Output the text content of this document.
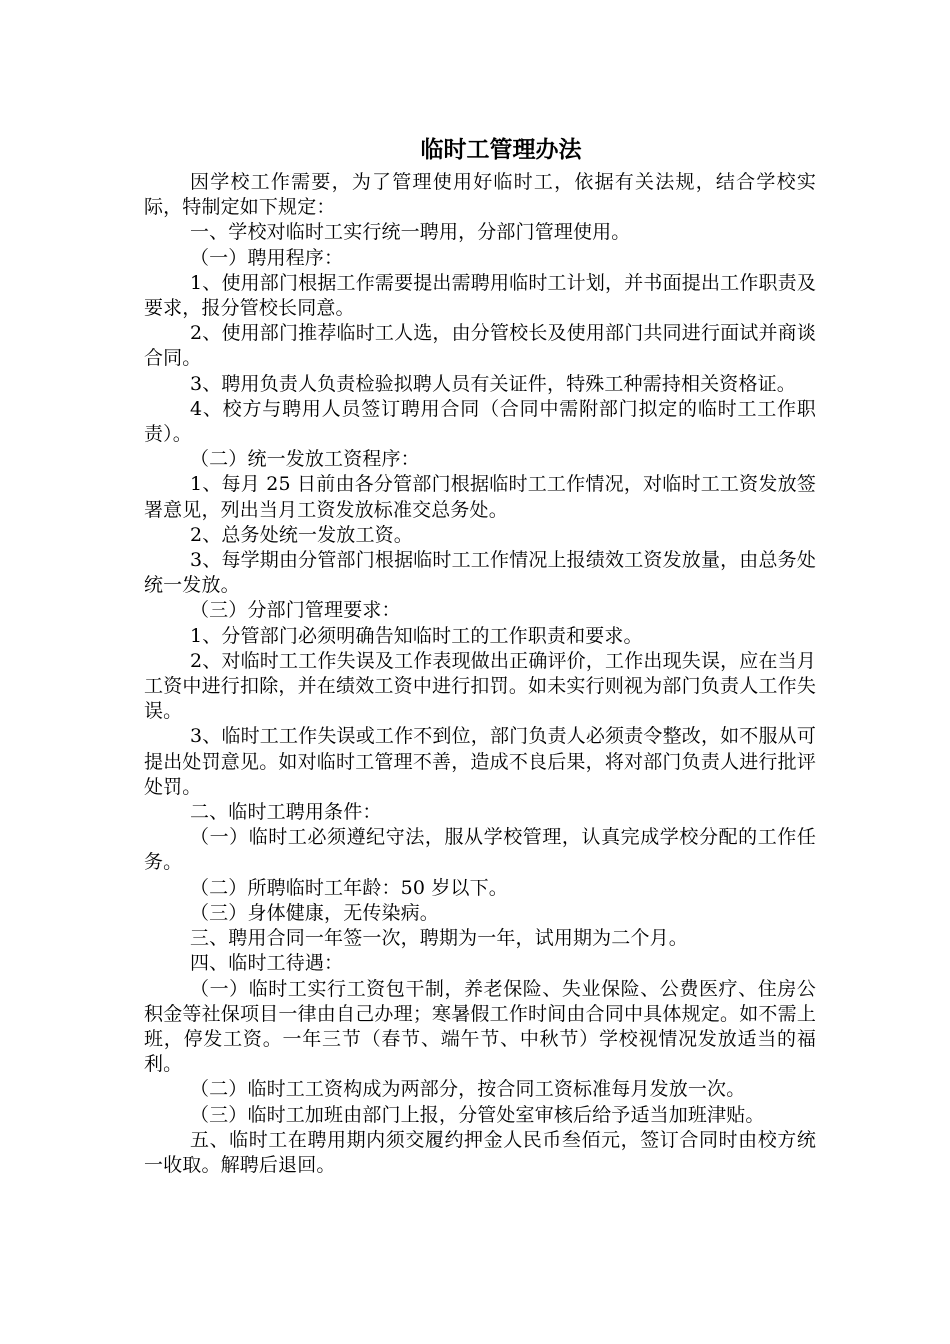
临时工管理办法

因学校工作需要，为了管理使用好临时工，依据有关法规，结合学校实际，特制定如下规定：

一、学校对临时工实行统一聘用，分部门管理使用。

（一）聘用程序：

1、使用部门根据工作需要提出需聘用临时工计划，并书面提出工作职责及要求，报分管校长同意。

2、使用部门推荐临时工人选，由分管校长及使用部门共同进行面试并商谈合同。

3、聘用负责人负责检验拟聘人员有关证件，特殊工种需持相关资格证。

4、校方与聘用人员签订聘用合同（合同中需附部门拟定的临时工工作职责）。

（二）统一发放工资程序：

1、每月 25 日前由各分管部门根据临时工工作情况，对临时工工资发放签署意见，列出当月工资发放标准交总务处。

2、总务处统一发放工资。

3、每学期由分管部门根据临时工工作情况上报绩效工资发放量，由总务处统一发放。

（三）分部门管理要求：

1、分管部门必须明确告知临时工的工作职责和要求。

2、对临时工工作失误及工作表现做出正确评价，工作出现失误，应在当月工资中进行扣除，并在绩效工资中进行扣罚。如未实行则视为部门负责人工作失误。

3、临时工工作失误或工作不到位，部门负责人必须责令整改，如不服从可提出处罚意见。如对临时工管理不善，造成不良后果，将对部门负责人进行批评处罚。

二、临时工聘用条件：

（一）临时工必须遵纪守法，服从学校管理，认真完成学校分配的工作任务。

（二）所聘临时工年龄：50 岁以下。

（三）身体健康，无传染病。

三、聘用合同一年签一次，聘期为一年，试用期为二个月。

四、临时工待遇：

（一）临时工实行工资包干制，养老保险、失业保险、公费医疗、住房公积金等社保项目一律由自己办理；寒暑假工作时间由合同中具体规定。如不需上班，停发工资。一年三节（春节、端午节、中秋节）学校视情况发放适当的福利。

（二）临时工工资构成为两部分，按合同工资标准每月发放一次。

（三）临时工加班由部门上报，分管处室审核后给予适当加班津贴。

五、临时工在聘用期内须交履约押金人民币叁佰元，签订合同时由校方统一收取。解聘后退回。
